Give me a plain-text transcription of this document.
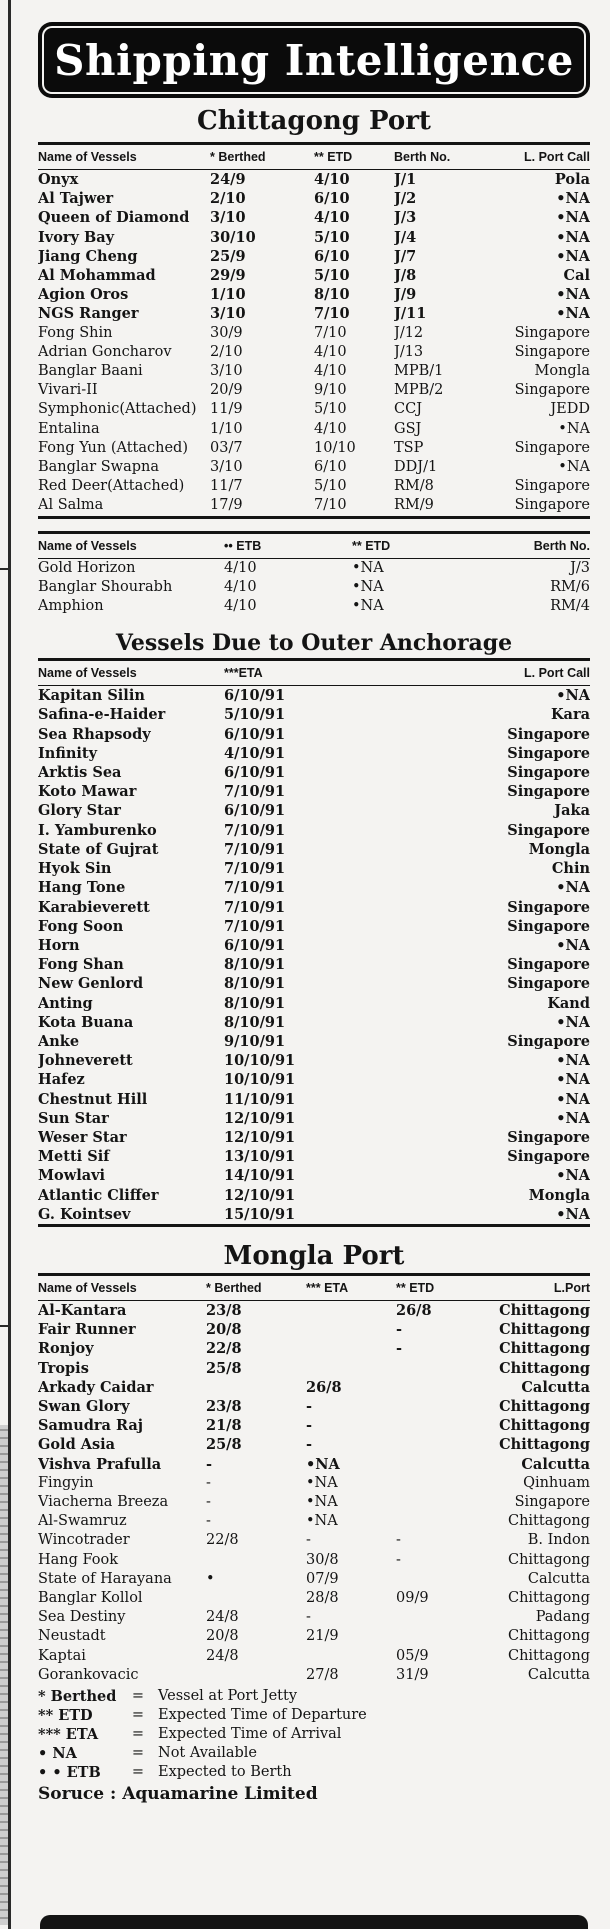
Shipping Intelligence
Chittagong Port
Name of Vessels	* Berthed	** ETD	Berth No.	L. Port Call
Onyx	24/9	4/10	J/1	Pola
Al Tajwer	2/10	6/10	J/2	•NA
Queen of Diamond	3/10	4/10	J/3	•NA
Ivory Bay	30/10	5/10	J/4	•NA
Jiang Cheng	25/9	6/10	J/7	•NA
Al Mohammad	29/9	5/10	J/8	Cal
Agion Oros	1/10	8/10	J/9	•NA
NGS Ranger	3/10	7/10	J/11	•NA
Fong Shin	30/9	7/10	J/12	Singapore
Adrian Goncharov	2/10	4/10	J/13	Singapore
Banglar Baani	3/10	4/10	MPB/1	Mongla
Vivari-II	20/9	9/10	MPB/2	Singapore
Symphonic(Attached)	11/9	5/10	CCJ	JEDD
Entalina	1/10	4/10	GSJ	•NA
Fong Yun (Attached)	03/7	10/10	TSP	Singapore
Banglar Swapna	3/10	6/10	DDJ/1	•NA
Red Deer(Attached)	11/7	5/10	RM/8	Singapore
Al Salma	17/9	7/10	RM/9	Singapore
Name of Vessels	•• ETB	** ETD	Berth No.
Gold Horizon	4/10	•NA	J/3
Banglar Shourabh	4/10	•NA	RM/6
Amphion	4/10	•NA	RM/4
Vessels Due to Outer Anchorage
Name of Vessels	***ETA	L. Port Call
Kapitan Silin	6/10/91	•NA
Safina-e-Haider	5/10/91	Kara
Sea Rhapsody	6/10/91	Singapore
Infinity	4/10/91	Singapore
Arktis Sea	6/10/91	Singapore
Koto Mawar	7/10/91	Singapore
Glory Star	6/10/91	Jaka
I. Yamburenko	7/10/91	Singapore
State of Gujrat	7/10/91	Mongla
Hyok Sin	7/10/91	Chin
Hang Tone	7/10/91	•NA
Karabieverett	7/10/91	Singapore
Fong Soon	7/10/91	Singapore
Horn	6/10/91	•NA
Fong Shan	8/10/91	Singapore
New Genlord	8/10/91	Singapore
Anting	8/10/91	Kand
Kota Buana	8/10/91	•NA
Anke	9/10/91	Singapore
Johneverett	10/10/91	•NA
Hafez	10/10/91	•NA
Chestnut Hill	11/10/91	•NA
Sun Star	12/10/91	•NA
Weser Star	12/10/91	Singapore
Metti Sif	13/10/91	Singapore
Mowlavi	14/10/91	•NA
Atlantic Cliffer	12/10/91	Mongla
G. Kointsev	15/10/91	•NA
Mongla Port
Name of Vessels	* Berthed	*** ETA	** ETD	L.Port
Al-Kantara	23/8		26/8	Chittagong
Fair Runner	20/8		-	Chittagong
Ronjoy	22/8		-	Chittagong
Tropis	25/8			Chittagong
Arkady Caidar		26/8		Calcutta
Swan Glory	23/8	-		Chittagong
Samudra Raj	21/8	-		Chittagong
Gold Asia	25/8	-		Chittagong
Vishva Prafulla	-	•NA		Calcutta
Fingyin	-	•NA		Qinhuam
Viacherna Breeza	-	•NA		Singapore
Al-Swamruz	-	•NA		Chittagong
Wincotrader	22/8	-	-	B. Indon
Hang Fook		30/8	-	Chittagong
State of Harayana	•	07/9		Calcutta
Banglar Kollol		28/8	09/9	Chittagong
Sea Destiny	24/8	-		Padang
Neustadt	20/8	21/9		Chittagong
Kaptai	24/8		05/9	Chittagong
Gorankovacic		27/8	31/9	Calcutta
* Berthed	= Vessel at Port Jetty
** ETD	= Expected Time of Departure
*** ETA	= Expected Time of Arrival
• NA	= Not Available
• • ETB	= Expected to Berth
Soruce : Aquamarine Limited
